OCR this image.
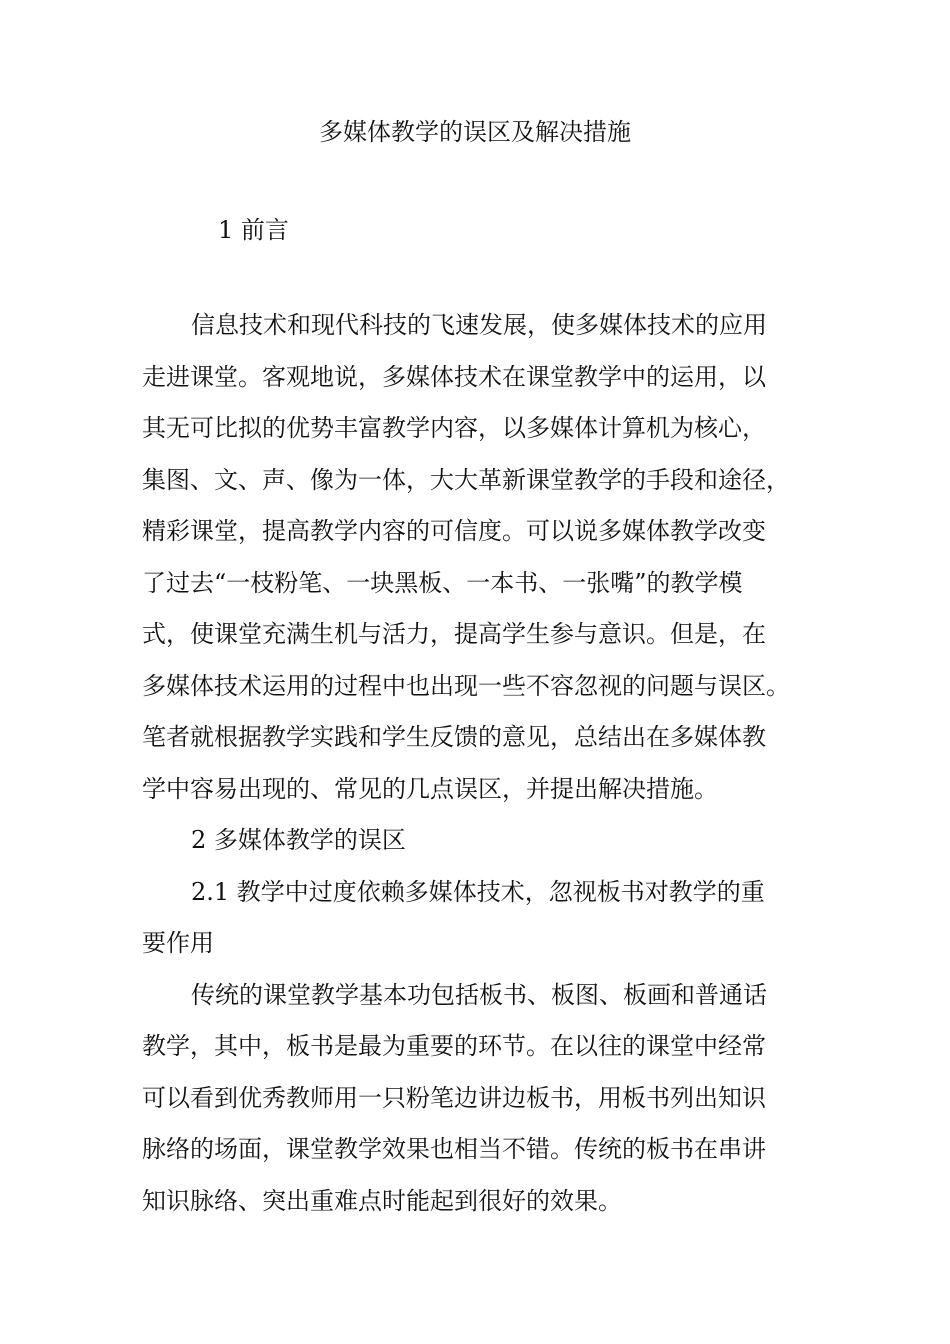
多媒体教学的误区及解决措施
1 前言
信息技术和现代科技的飞速发展，使多媒体技术的应用
走进课堂。客观地说，多媒体技术在课堂教学中的运用，以
其无可比拟的优势丰富教学内容，以多媒体计算机为核心，
集图、文、声、像为一体，大大革新课堂教学的手段和途径，
精彩课堂，提高教学内容的可信度。可以说多媒体教学改变
了过去“一枝粉笔、一块黑板、一本书、一张嘴”的教学模
式，使课堂充满生机与活力，提高学生参与意识。但是，在
多媒体技术运用的过程中也出现一些不容忽视的问题与误区。
笔者就根据教学实践和学生反馈的意见，总结出在多媒体教
学中容易出现的、常见的几点误区，并提出解决措施。
2 多媒体教学的误区
2.1 教学中过度依赖多媒体技术，忽视板书对教学的重
要作用
传统的课堂教学基本功包括板书、板图、板画和普通话
教学，其中，板书是最为重要的环节。在以往的课堂中经常
可以看到优秀教师用一只粉笔边讲边板书，用板书列出知识
脉络的场面，课堂教学效果也相当不错。传统的板书在串讲
知识脉络、突出重难点时能起到很好的效果。
